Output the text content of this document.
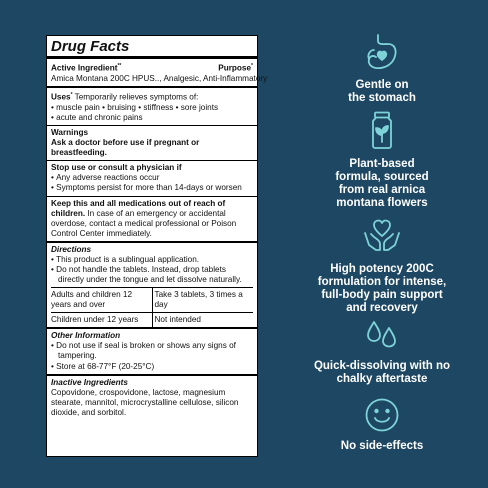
Drug Facts
Active Ingredient**	Purpose*
Amica Montana 200C HPUS.., Analgesic, Anti-Inflammatory
Uses* Temporarily relieves symptoms of:
• muscle pain • bruising • stiffness • sore joints
• acute and chronic pains
Warnings
Ask a doctor before use if pregnant or breastfeeding.
Stop use or consult a physician if
• Any adverse reactions occur
• Symptoms persist for more than 14-days or worsen
Keep this and all medications out of reach of children. In case of an emergency or accidental overdose, contact a medical professional or Poison Control Center immediately.
Directions
• This product is a sublingual application.
• Do not handle the tablets. Instead, drop tablets directly under the tongue and let dissolve naturally.
Adults and children 12 years and over	Take 3 tablets, 3 times a day
Children under 12 years	Not intended
Other Information
• Do not use if seal is broken or shows any signs of tampering.
• Store at 68-77°F (20-25°C)
Inactive Ingredients
Copovidone, crospovidone, lactose, magnesium stearate, mannitol, microcrystalline cellulose, silicon dioxide, and sorbitol.
Gentle on
the stomach
Plant-based
formula, sourced
from real arnica
montana flowers
High potency 200C
formulation for intense,
full-body pain support
and recovery
Quick-dissolving with no
chalky aftertaste
No side-effects
